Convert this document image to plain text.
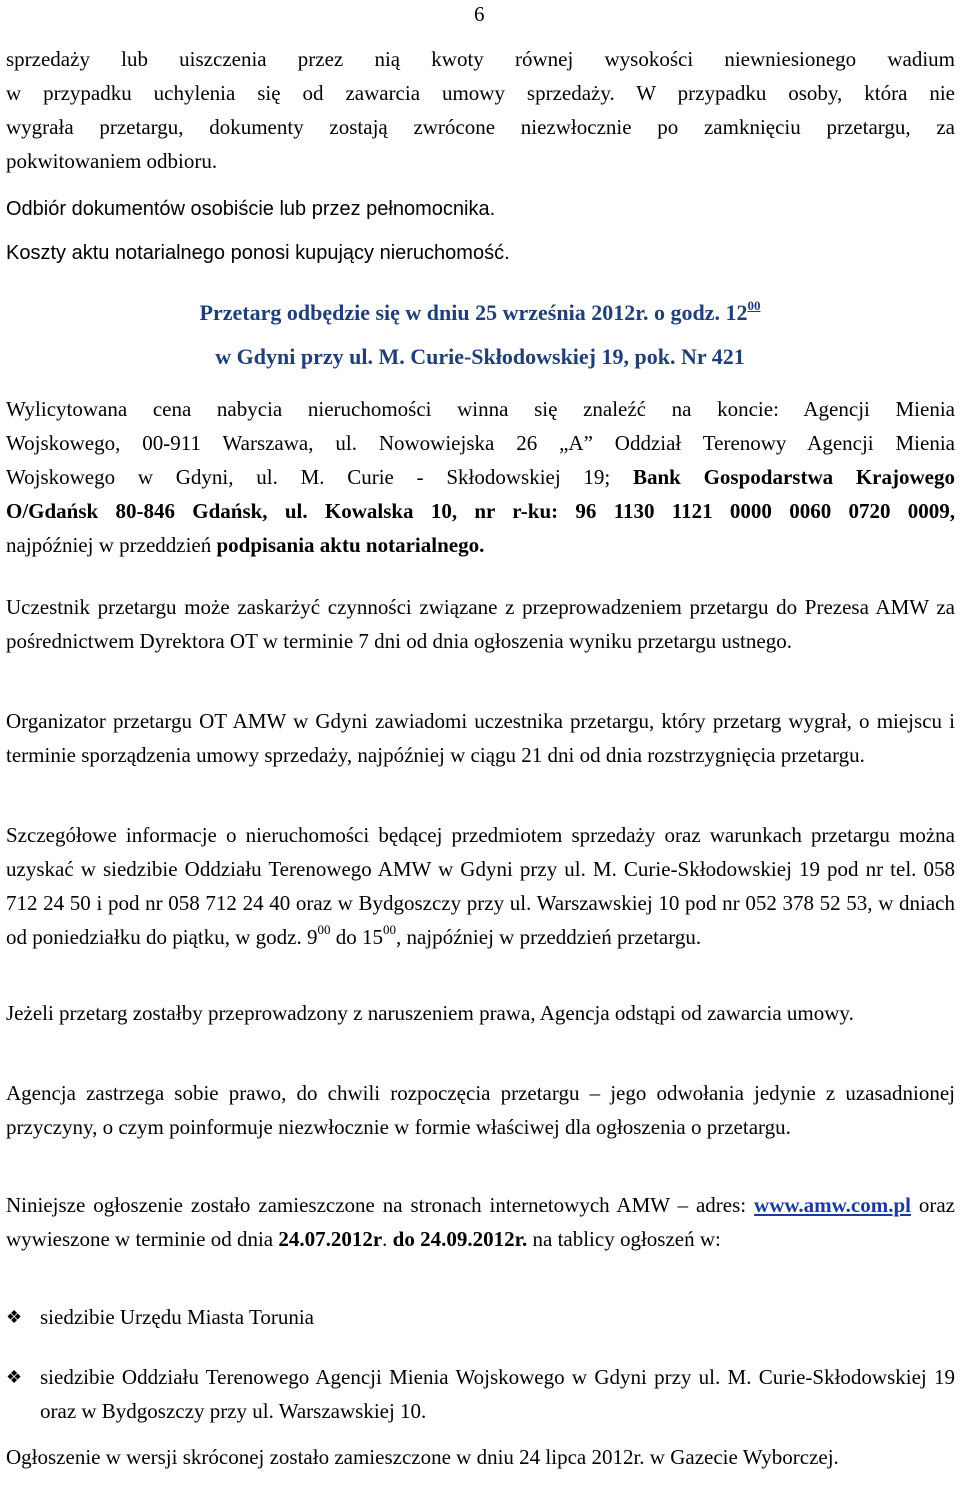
6

sprzedaży lub uiszczenia przez nią kwoty równej wysokości niewniesionego wadium

w przypadku uchylenia się od zawarcia umowy sprzedaży. W przypadku osoby, która nie

wygrała przetargu, dokumenty zostają zwrócone niezwłocznie po zamknięciu przetargu, za

pokwitowaniem odbioru.

Odbiór dokumentów osobiście lub przez pełnomocnika.

Koszty aktu notarialnego ponosi kupujący nieruchomość.

Przetarg odbędzie się w dniu 25 września 2012r. o godz. $12^{00}$

w Gdyni przy ul. M. Curie-Skłodowskiej 19, pok. Nr 421

Wylicytowana cena nabycia nieruchomości winna się znaleźć na koncie: Agencji Mienia

Wojskowego, 00-911 Warszawa, ul. Nowowiejska 26 „A” Oddział Terenowy Agencji Mienia

Wojskowego w Gdyni, ul. M. Curie - Skłodowskiej 19; Bank Gospodarstwa Krajowego

O/Gdańsk 80-846 Gdańsk, ul. Kowalska 10, nr r-ku: 96 1130 1121 0000 0060 0720 0009,

najpóźniej w przeddzień podpisania aktu notarialnego.

Uczestnik przetargu może zaskarżyć czynności związane z przeprowadzeniem przetargu do Prezesa AMW za pośrednictwem Dyrektora OT w terminie 7 dni od dnia ogłoszenia wyniku przetargu ustnego.

Organizator przetargu OT AMW w Gdyni zawiadomi uczestnika przetargu, który przetarg wygrał, o miejscu i terminie sporządzenia umowy sprzedaży, najpóźniej w ciągu 21 dni od dnia rozstrzygnięcia przetargu.

Szczegółowe informacje o nieruchomości będącej przedmiotem sprzedaży oraz warunkach przetargu można uzyskać w siedzibie Oddziału Terenowego AMW w Gdyni przy ul. M. Curie-Skłodowskiej 19 pod nr tel. 058 712 24 50 i pod nr 058 712 24 40 oraz w Bydgoszczy przy ul. Warszawskiej 10 pod nr 052 378 52 53, w dniach od poniedziałku do piątku, w godz. $9^{00}$ do $15^{00}$, najpóźniej w przeddzień przetargu.

Jeżeli przetarg zostałby przeprowadzony z naruszeniem prawa, Agencja odstąpi od zawarcia umowy.

Agencja zastrzega sobie prawo, do chwili rozpoczęcia przetargu – jego odwołania jedynie z uzasadnionej przyczyny, o czym poinformuje niezwłocznie w formie właściwej dla ogłoszenia o przetargu.

Niniejsze ogłoszenie zostało zamieszczone na stronach internetowych AMW – adres: www.amw.com.pl oraz wywieszone w terminie od dnia 24.07.2012r. do 24.09.2012r. na tablicy ogłoszeń w:

❖ siedzibie Urzędu Miasta Torunia
❖ siedzibie Oddziału Terenowego Agencji Mienia Wojskowego w Gdyni przy ul. M. Curie-Skłodowskiej 19 oraz w Bydgoszczy przy ul. Warszawskiej 10.

Ogłoszenie w wersji skróconej zostało zamieszczone w dniu 24 lipca 2012r. w Gazecie Wyborczej.
